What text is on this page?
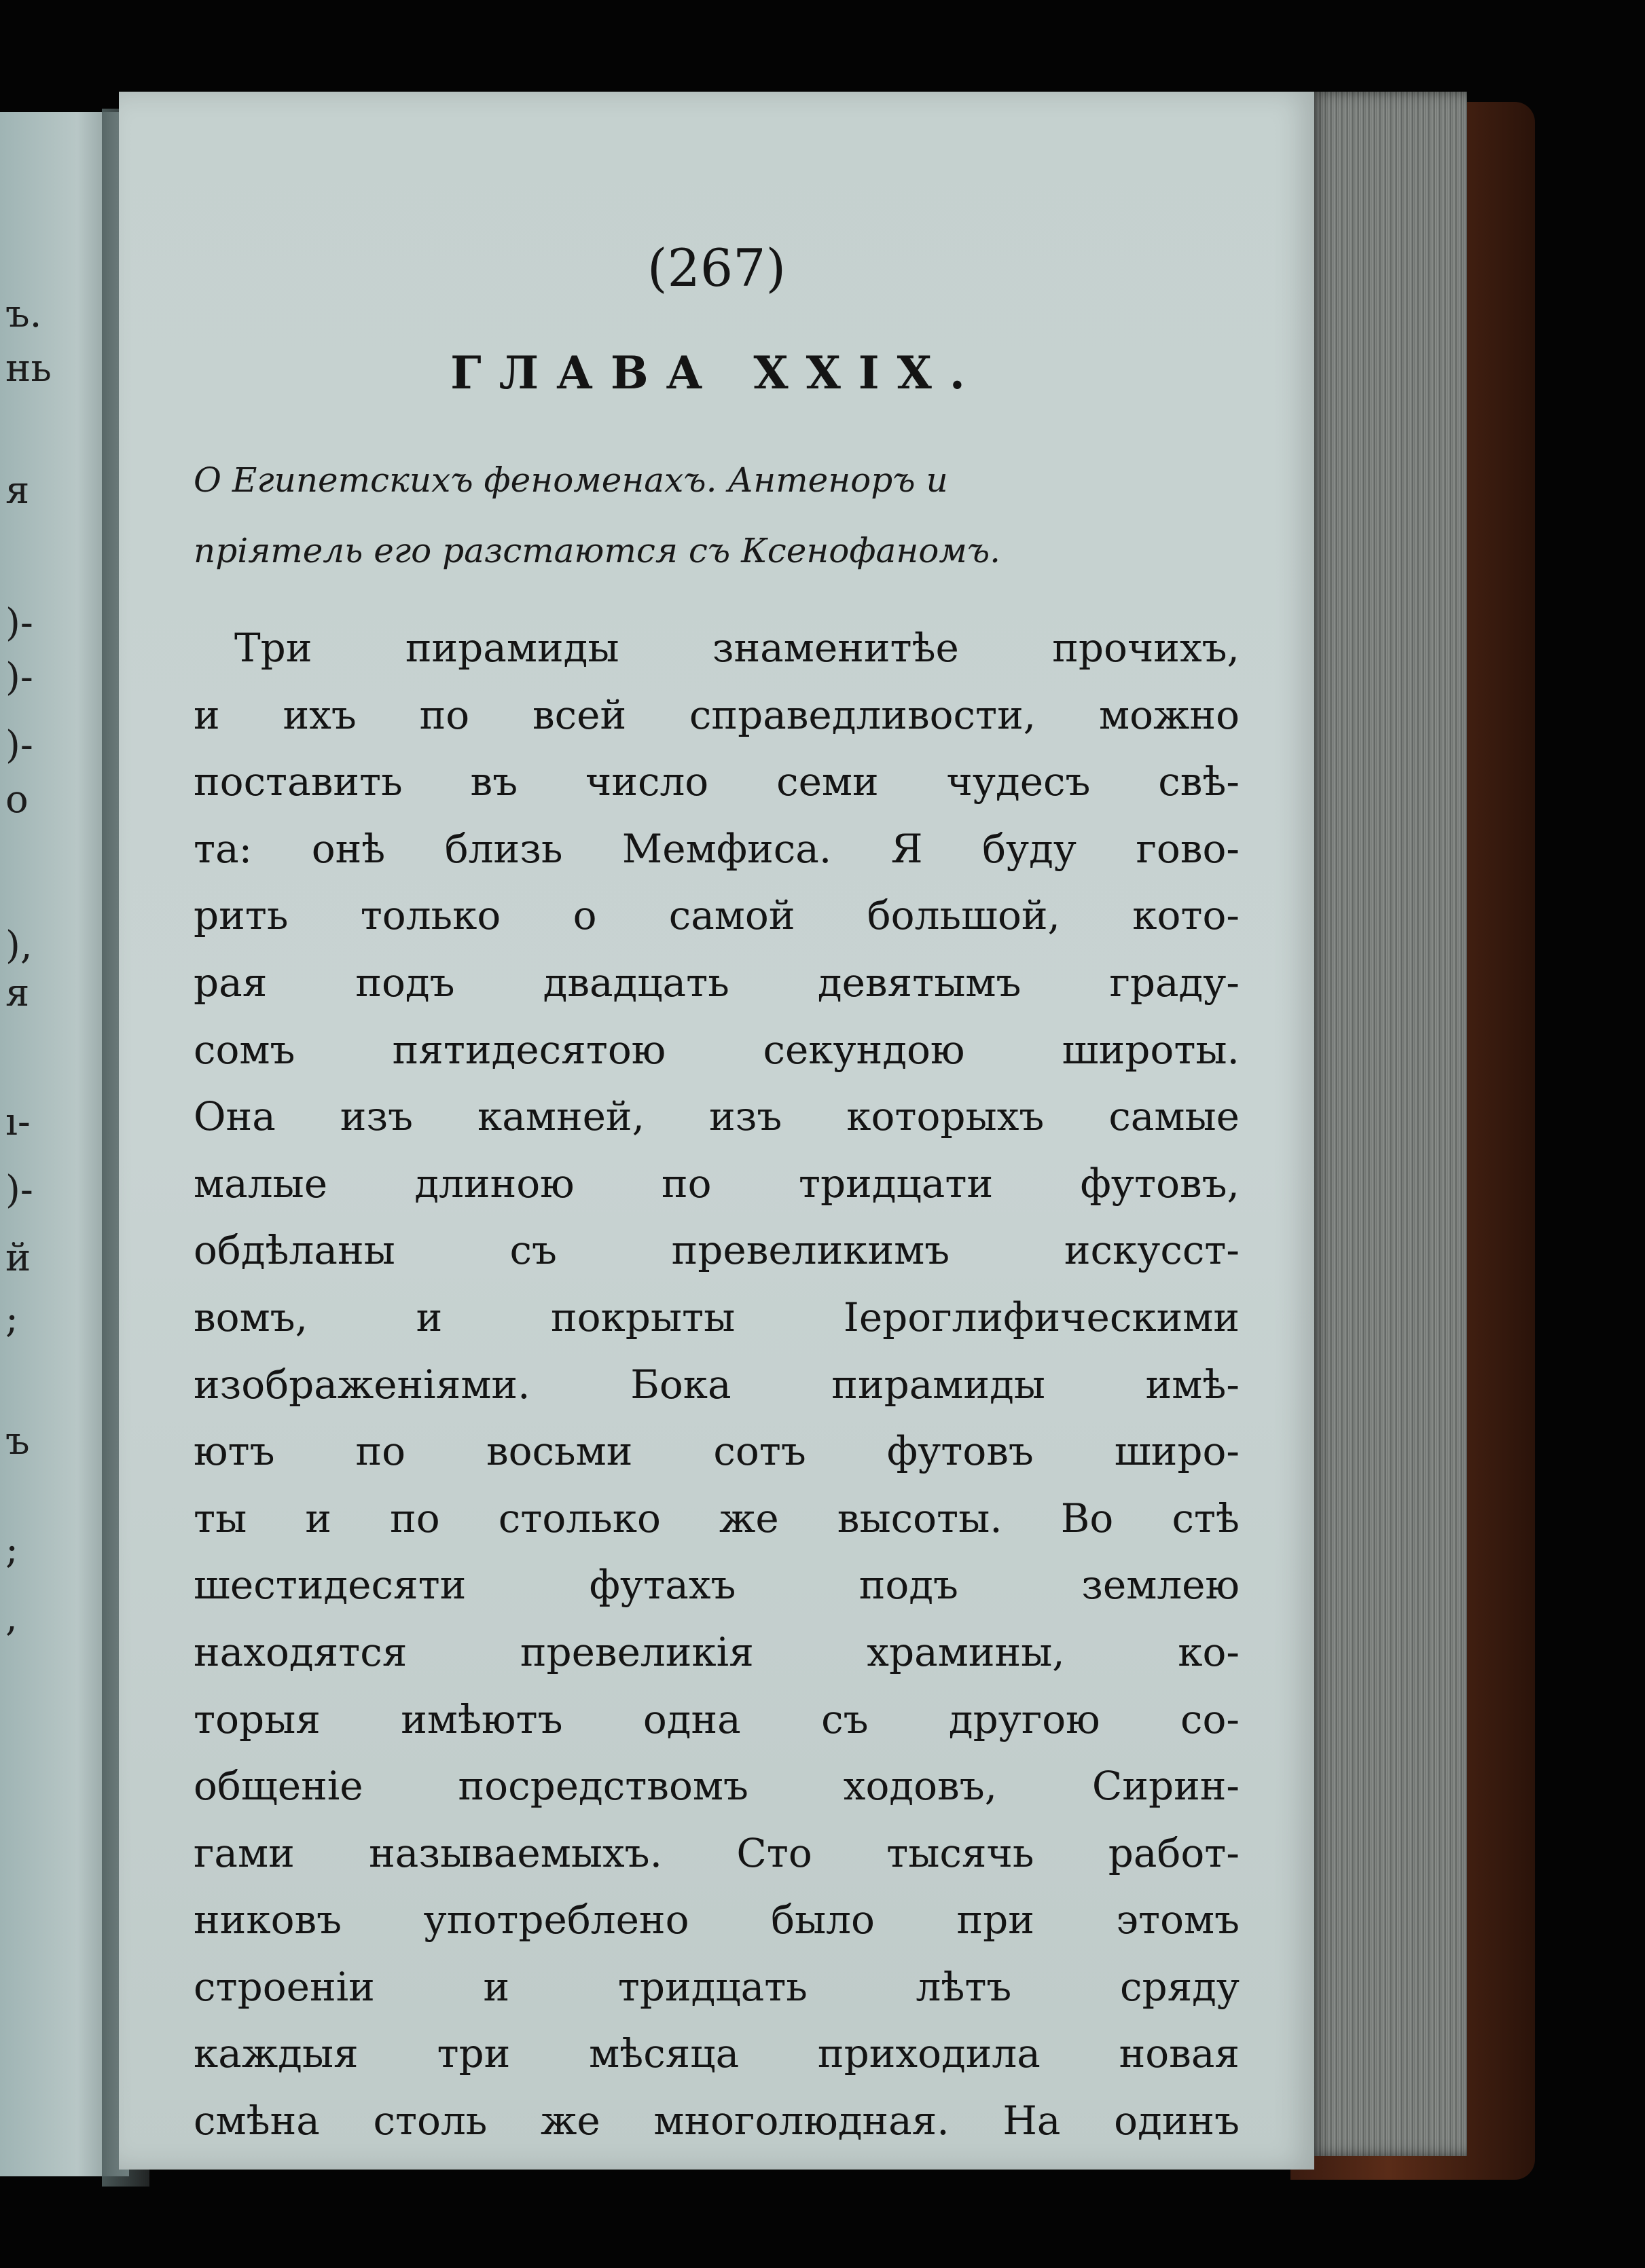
ъ.
нь
я
)-
)-
)-
о
),
я
ı-
)-
й
;
ъ
;
,
(267)
ГЛАВА XXIX.
О Египетскихъ феноменахъ. Антеноръ и
пріятель его разстаются съ Ксенофаномъ.
Три пирамиды знаменитѣе прочихъ,
и ихъ по всей справедливости, можно
поставить въ число семи чудесъ свѣ-
та: онѣ близь Мемфиса. Я буду гово-
рить только о самой большой, кото-
рая подъ двадцать девятымъ граду-
сомъ пятидесятою секундою широты.
Она изъ камней, изъ которыхъ самые
малые длиною по тридцати футовъ,
обдѣланы съ превеликимъ искусст-
вомъ, и покрыты Іероглифическими
изображеніями. Бока пирамиды имѣ-
ютъ по восьми сотъ футовъ широ-
ты и по столько же высоты. Во стѣ
шестидесяти футахъ подъ землею
находятся превеликія храмины, ко-
торыя имѣютъ одна съ другою со-
общеніе посредствомъ ходовъ, Сирин-
гами называемыхъ. Сто тысячь работ-
никовъ употреблено было при этомъ
строеніи и тридцать лѣтъ сряду
каждыя три мѣсяца приходила новая
смѣна столь же многолюдная. На одинъ
